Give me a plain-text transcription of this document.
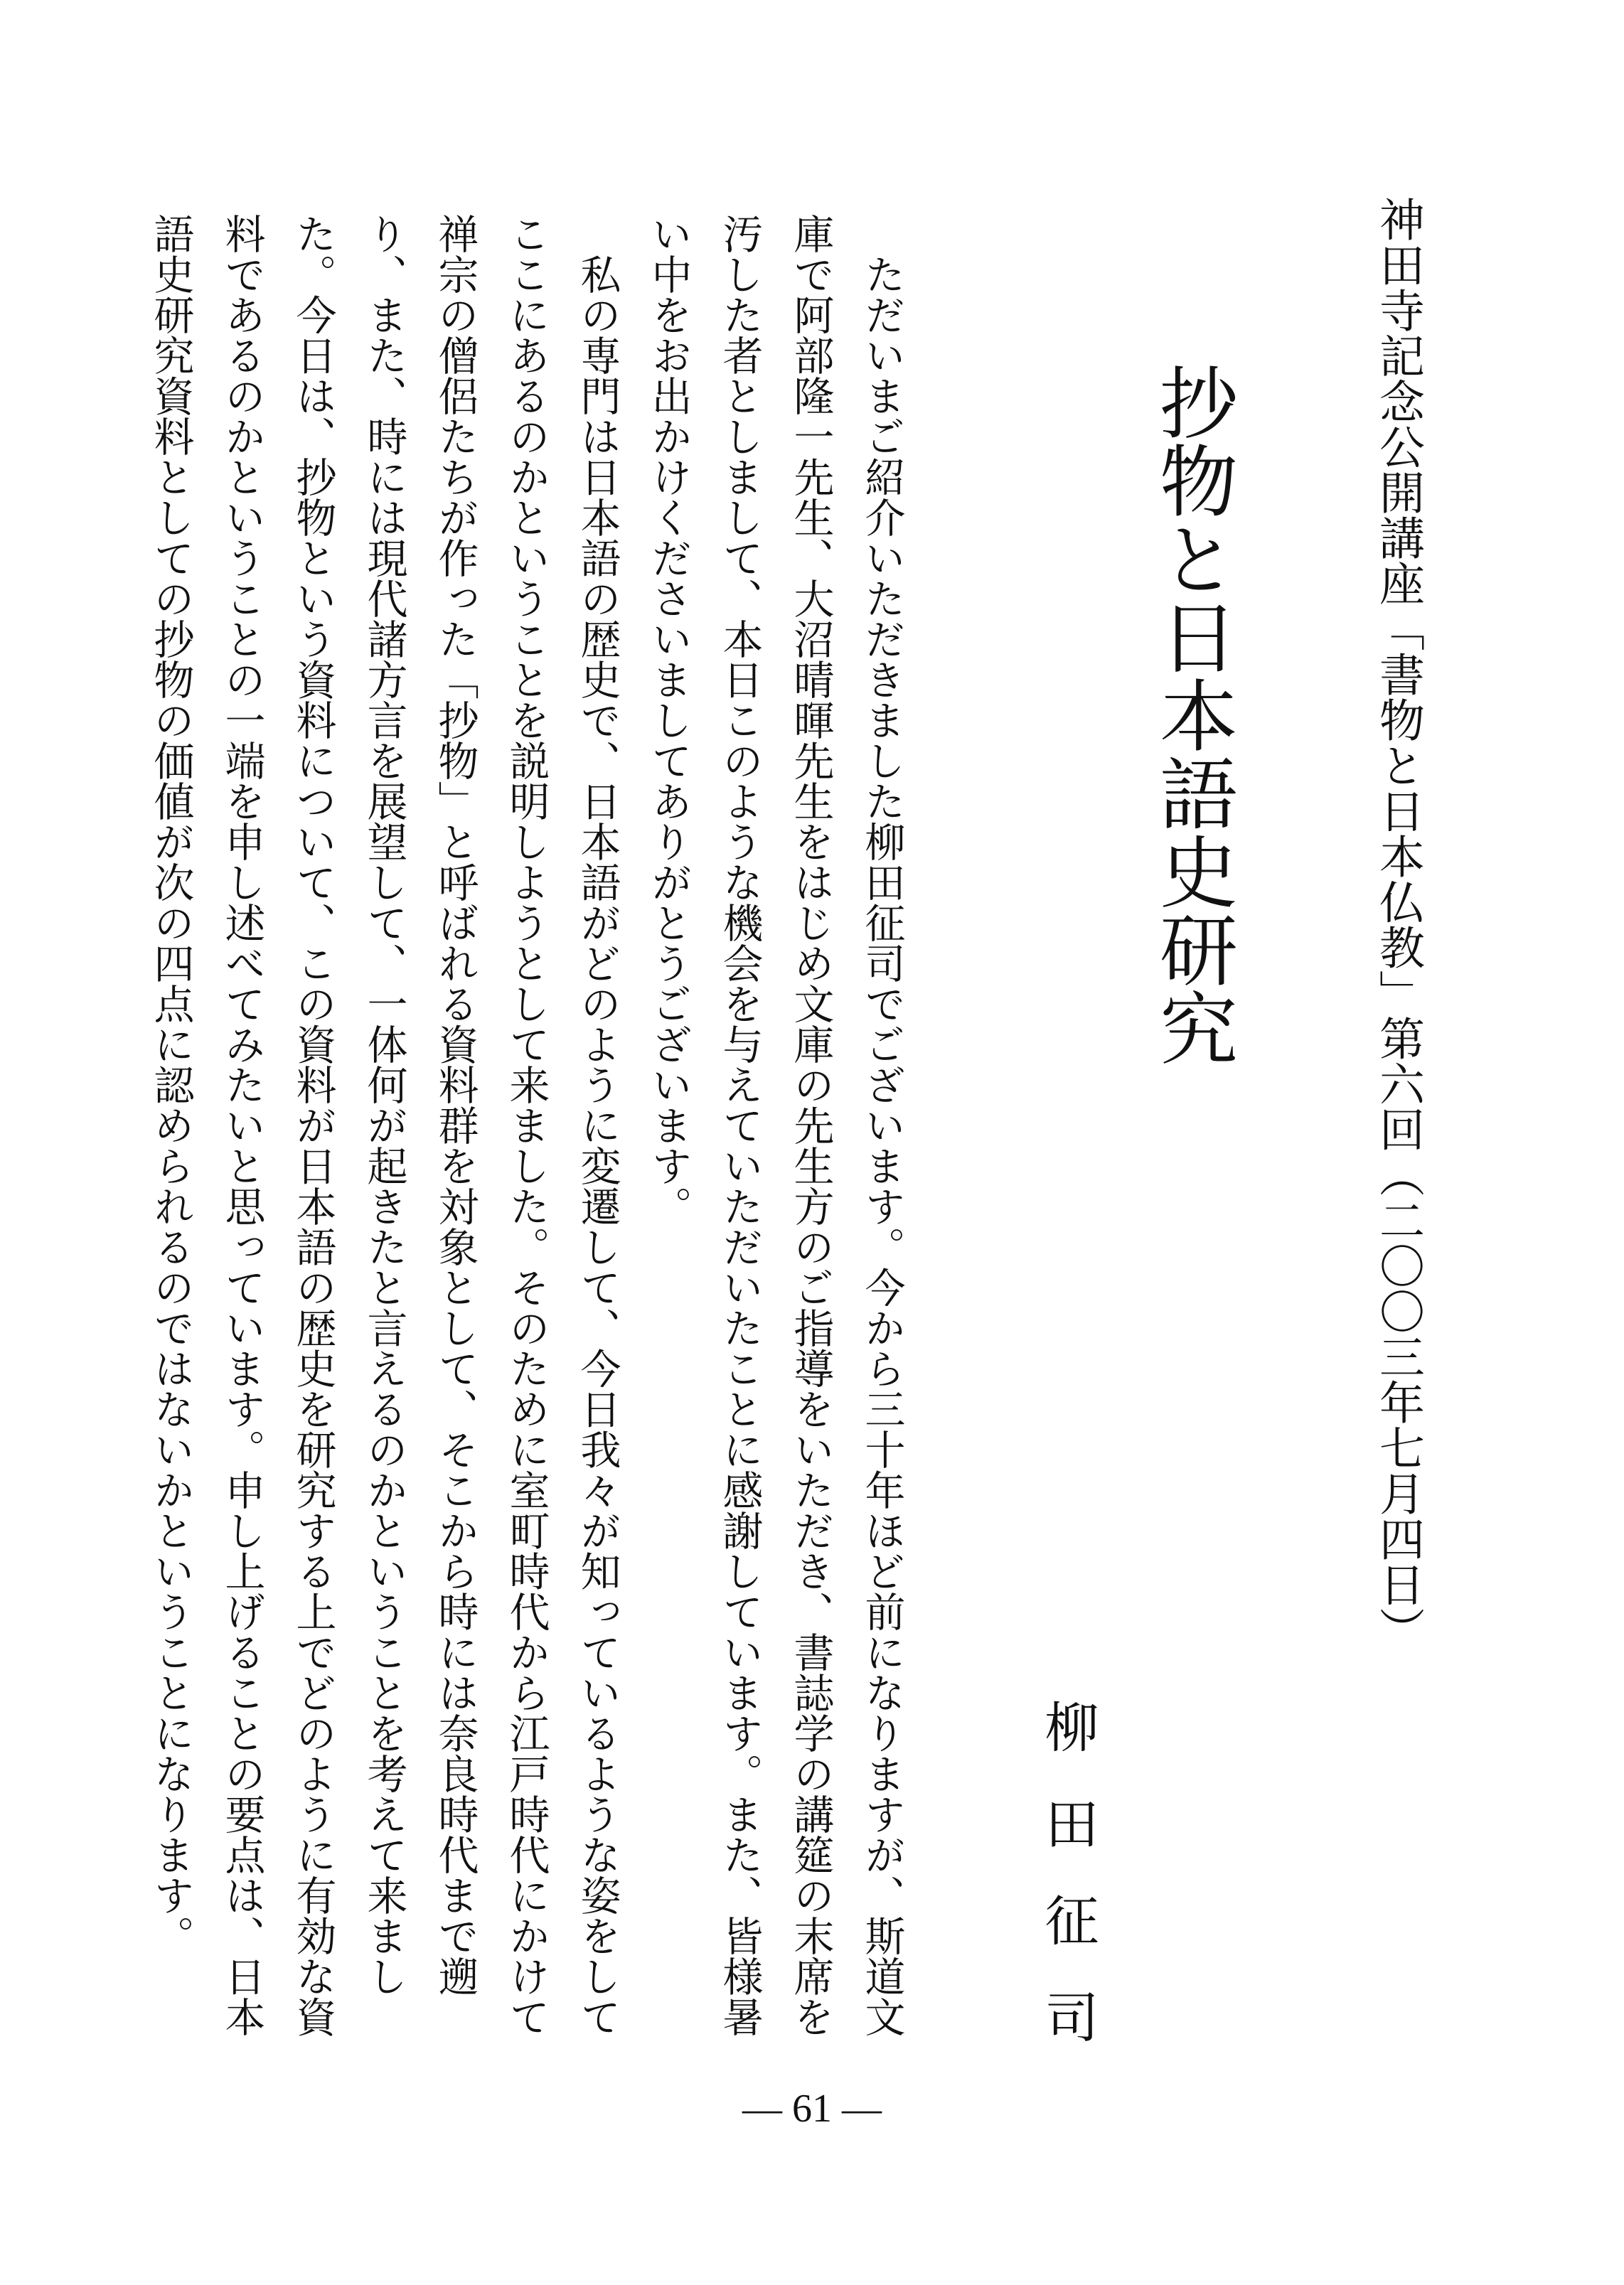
神田寺記念公開講座「書物と日本仏教」第六回（二〇〇三年七月四日）
抄物と日本語史研究
柳田征司

ただいまご紹介いただきました柳田征司でございます。今から三十年ほど前になりますが、斯道文庫で阿部隆一先生、大沼晴暉先生をはじめ文庫の先生方のご指導をいただき、書誌学の講筵の末席を汚した者としまして、本日このような機会を与えていただいたことに感謝しています。また、皆様暑い中をお出かけくださいましてありがとうございます。

私の専門は日本語の歴史で、日本語がどのように変遷して、今日我々が知っているような姿をしてここにあるのかということを説明しようとして来ました。そのために室町時代から江戸時代にかけて禅宗の僧侶たちが作った「抄物」と呼ばれる資料群を対象として、そこから時には奈良時代まで遡り、また、時には現代諸方言を展望して、一体何が起きたと言えるのかということを考えて来ました。今日は、抄物という資料について、この資料が日本語の歴史を研究する上でどのように有効な資料であるのかということの一端を申し述べてみたいと思っています。申し上げることの要点は、日本語史研究資料としての抄物の価値が次の四点に認められるのではないかということになります。

— 61 —
